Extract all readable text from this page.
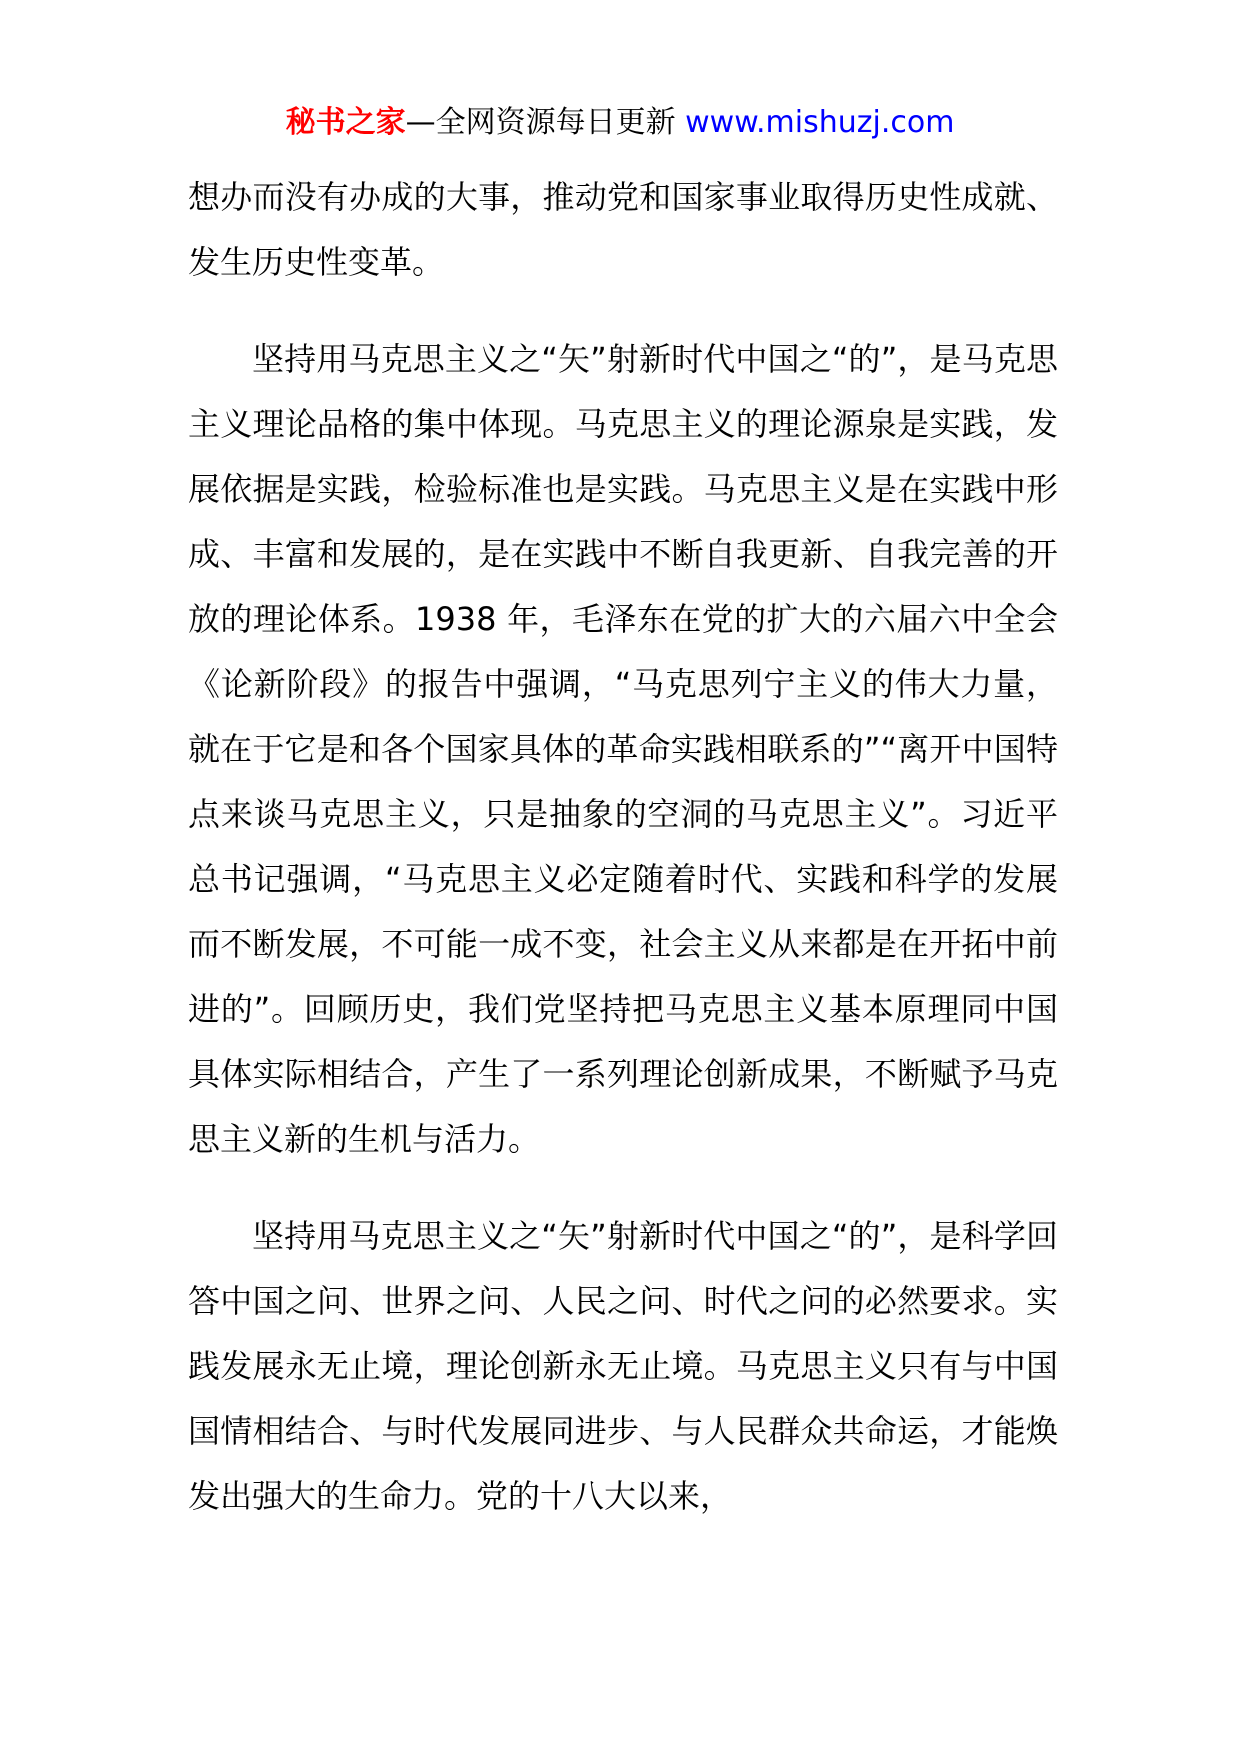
秘书之家—全网资源每日更新 www.mishuzj.com

想办而没有办成的大事，推动党和国家事业取得历史性成就、发生历史性变革。

坚持用马克思主义之“矢”射新时代中国之“的”，是马克思主义理论品格的集中体现。马克思主义的理论源泉是实践，发展依据是实践，检验标准也是实践。马克思主义是在实践中形成、丰富和发展的，是在实践中不断自我更新、自我完善的开放的理论体系。1938 年，毛泽东在党的扩大的六届六中全会《论新阶段》的报告中强调，“马克思列宁主义的伟大力量，就在于它是和各个国家具体的革命实践相联系的”“离开中国特点来谈马克思主义，只是抽象的空洞的马克思主义”。习近平总书记强调，“马克思主义必定随着时代、实践和科学的发展而不断发展，不可能一成不变，社会主义从来都是在开拓中前进的”。回顾历史，我们党坚持把马克思主义基本原理同中国具体实际相结合，产生了一系列理论创新成果，不断赋予马克思主义新的生机与活力。

坚持用马克思主义之“矢”射新时代中国之“的”，是科学回答中国之问、世界之问、人民之问、时代之问的必然要求。实践发展永无止境，理论创新永无止境。马克思主义只有与中国国情相结合、与时代发展同进步、与人民群众共命运，才能焕发出强大的生命力。党的十八大以来，
